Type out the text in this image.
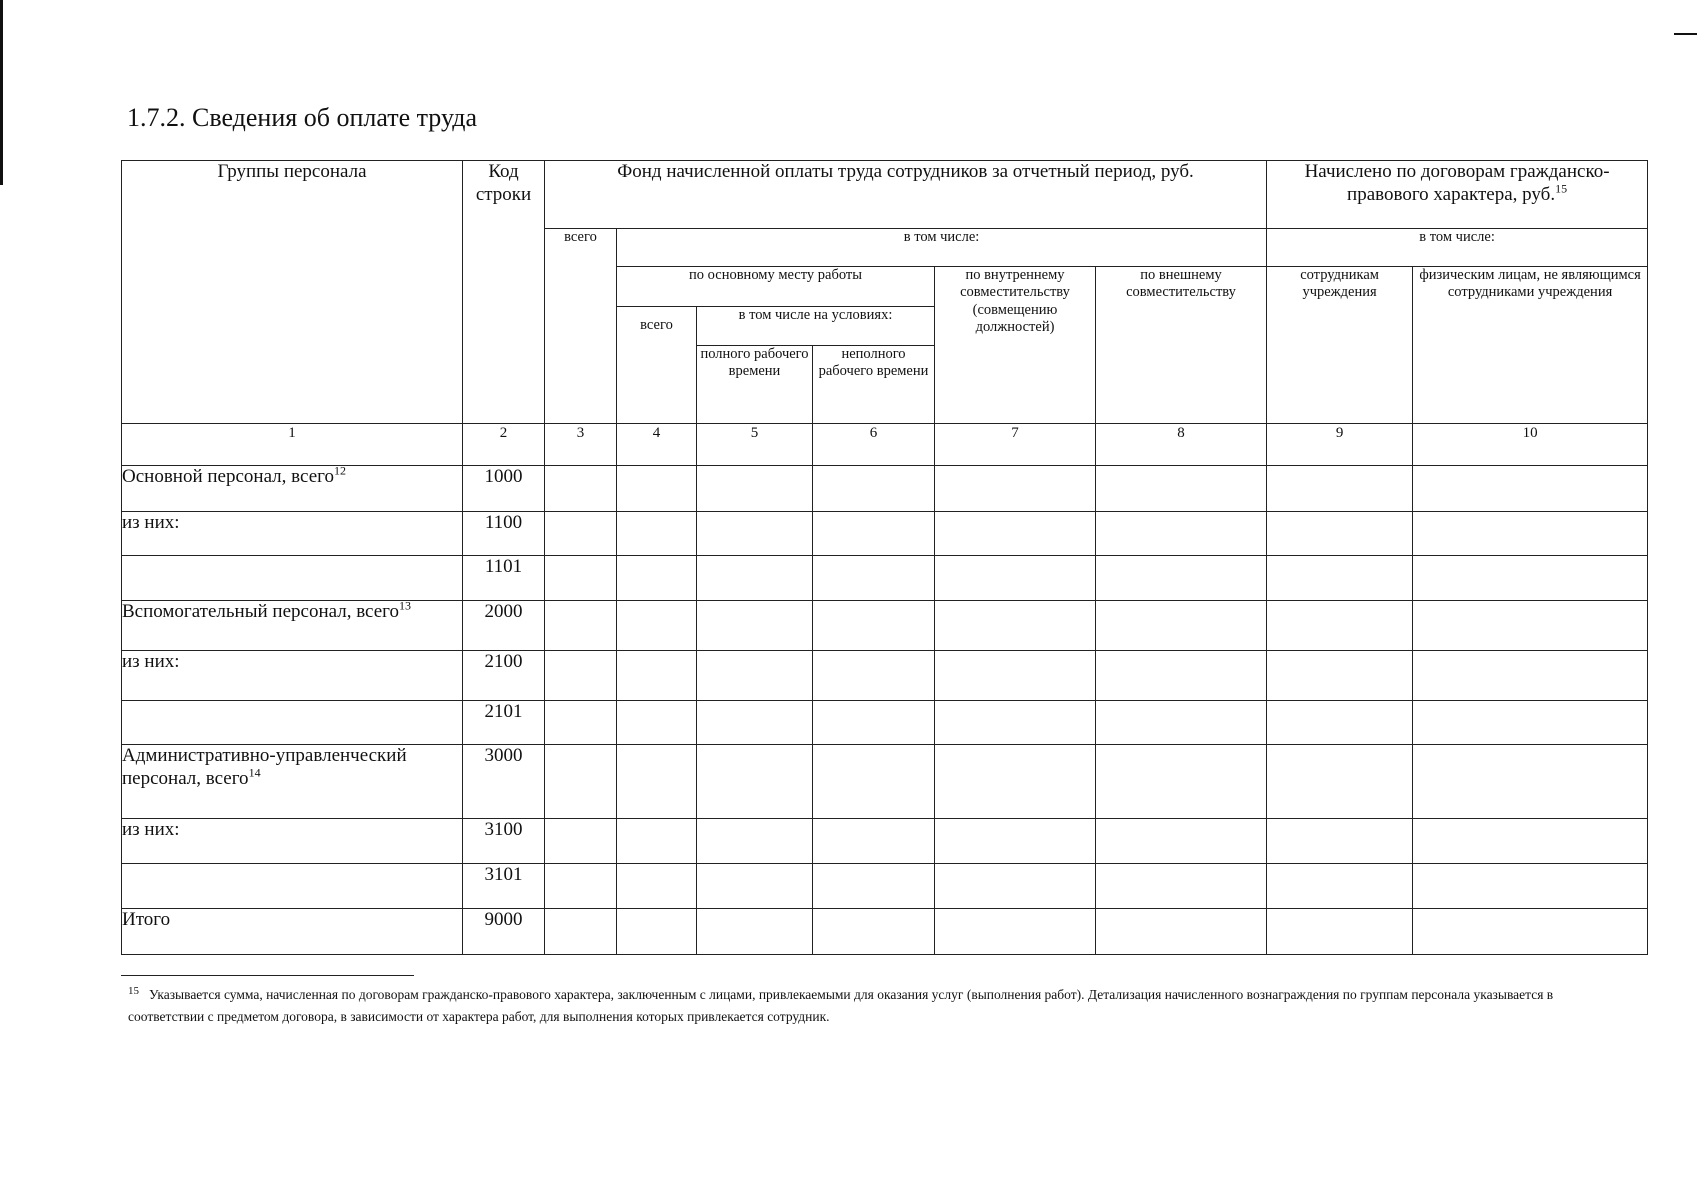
1.7.2. Сведения об оплате труда
Группы персонала	Код строки	Фонд начисленной оплаты труда сотрудников за отчетный период, руб.						Начислено по договорам гражданско-правового характера, руб.$^{15}$
		всего	в том числе:					в том числе:	
			по основному месту работы			по внутреннему совместительству (совмещению должностей)	по внешнему совместительству	сотрудникам учреждения	физическим лицам, не являющимся сотрудниками учреждения
			всего	в том числе на условиях:					
				полного рабочего времени	неполного рабочего времени				
1	2	3	4	5	6	7	8	9	10
Основной персонал, всего$^{12}$	1000								
из них:	1100								
	1101								
Вспомогательный персонал, всего$^{13}$	2000								
из них:	2100								
	2101								
Административно-управленческий персонал, всего$^{14}$	3000								
из них:	3100								
	3101								
Итого	9000								

$^{15}$ Указывается сумма, начисленная по договорам гражданско-правового характера, заключенным с лицами, привлекаемыми для оказания услуг (выполнения работ). Детализация начисленного вознаграждения по группам персонала указывается в соответствии с предметом договора, в зависимости от характера работ, для выполнения которых привлекается сотрудник.
